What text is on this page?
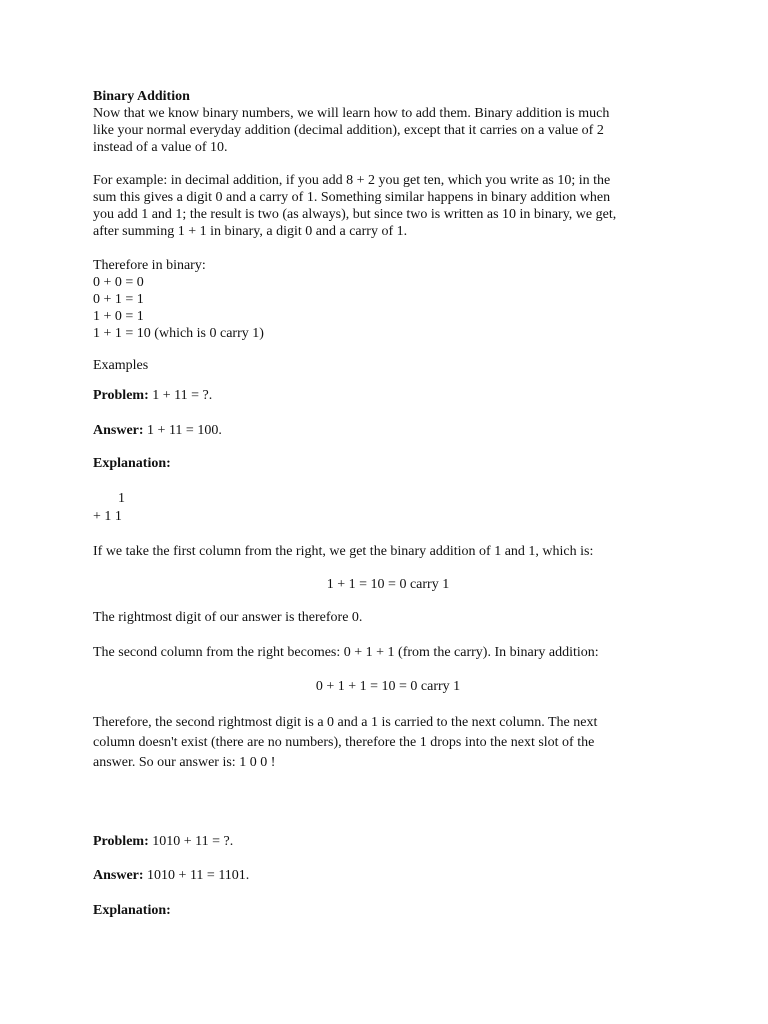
Binary Addition
Now that we know binary numbers, we will learn how to add them. Binary addition is much
like your normal everyday addition (decimal addition), except that it carries on a value of 2
instead of a value of 10.
For example: in decimal addition, if you add 8 + 2 you get ten, which you write as 10; in the
sum this gives a digit 0 and a carry of 1. Something similar happens in binary addition when
you add 1 and 1; the result is two (as always), but since two is written as 10 in binary, we get,
after summing 1 + 1 in binary, a digit 0 and a carry of 1.
Therefore in binary:
0 + 0 = 0
0 + 1 = 1
1 + 0 = 1
1 + 1 = 10 (which is 0 carry 1)
Examples
Problem: 1 + 11 = ?.
Answer: 1 + 11 = 100.
Explanation:
1
+ 1 1
If we take the first column from the right, we get the binary addition of 1 and 1, which is:
1 + 1 = 10 = 0 carry 1
The rightmost digit of our answer is therefore 0.
The second column from the right becomes: 0 + 1 + 1 (from the carry). In binary addition:
0 + 1 + 1 = 10 = 0 carry 1
Therefore, the second rightmost digit is a 0 and a 1 is carried to the next column. The next
column doesn't exist (there are no numbers), therefore the 1 drops into the next slot of the
answer. So our answer is: 1 0 0 !
Problem: 1010 + 11 = ?.
Answer: 1010 + 11 = 1101.
Explanation:
